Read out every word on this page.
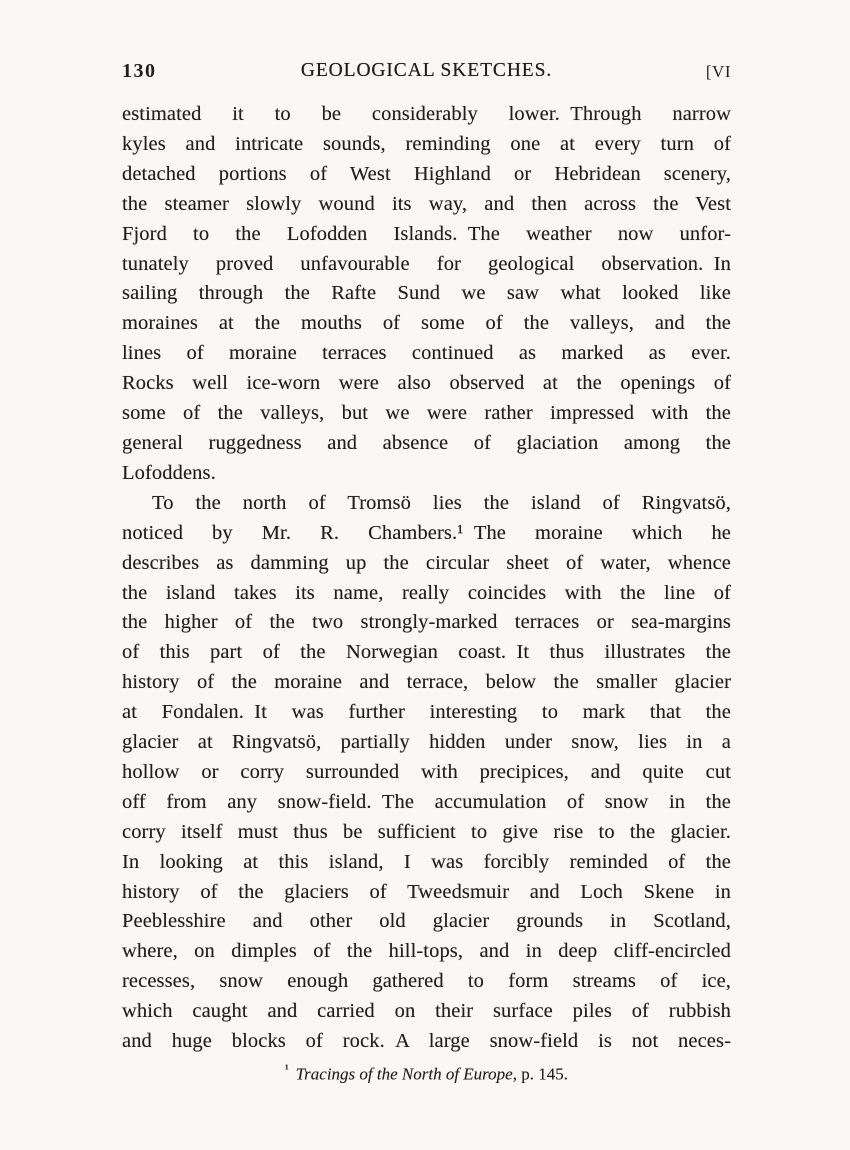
130	GEOLOGICAL SKETCHES.	[VI
estimated it to be considerably lower. Through narrow
kyles and intricate sounds, reminding one at every turn of
detached portions of West Highland or Hebridean scenery,
the steamer slowly wound its way, and then across the Vest
Fjord to the Lofodden Islands. The weather now unfor-
tunately proved unfavourable for geological observation. In
sailing through the Rafte Sund we saw what looked like
moraines at the mouths of some of the valleys, and the
lines of moraine terraces continued as marked as ever.
Rocks well ice-worn were also observed at the openings of
some of the valleys, but we were rather impressed with the
general ruggedness and absence of glaciation among the
Lofoddens.
To the north of Tromsö lies the island of Ringvatsö,
noticed by Mr. R. Chambers.¹ The moraine which he
describes as damming up the circular sheet of water, whence
the island takes its name, really coincides with the line of
the higher of the two strongly-marked terraces or sea-margins
of this part of the Norwegian coast. It thus illustrates the
history of the moraine and terrace, below the smaller glacier
at Fondalen. It was further interesting to mark that the
glacier at Ringvatsö, partially hidden under snow, lies in a
hollow or corry surrounded with precipices, and quite cut
off from any snow-field. The accumulation of snow in the
corry itself must thus be sufficient to give rise to the glacier.
In looking at this island, I was forcibly reminded of the
history of the glaciers of Tweedsmuir and Loch Skene in
Peeblesshire and other old glacier grounds in Scotland,
where, on dimples of the hill-tops, and in deep cliff-encircled
recesses, snow enough gathered to form streams of ice,
which caught and carried on their surface piles of rubbish
and huge blocks of rock. A large snow-field is not neces-
$^{^1}$ Tracings of the North of Europe, p. 145.
